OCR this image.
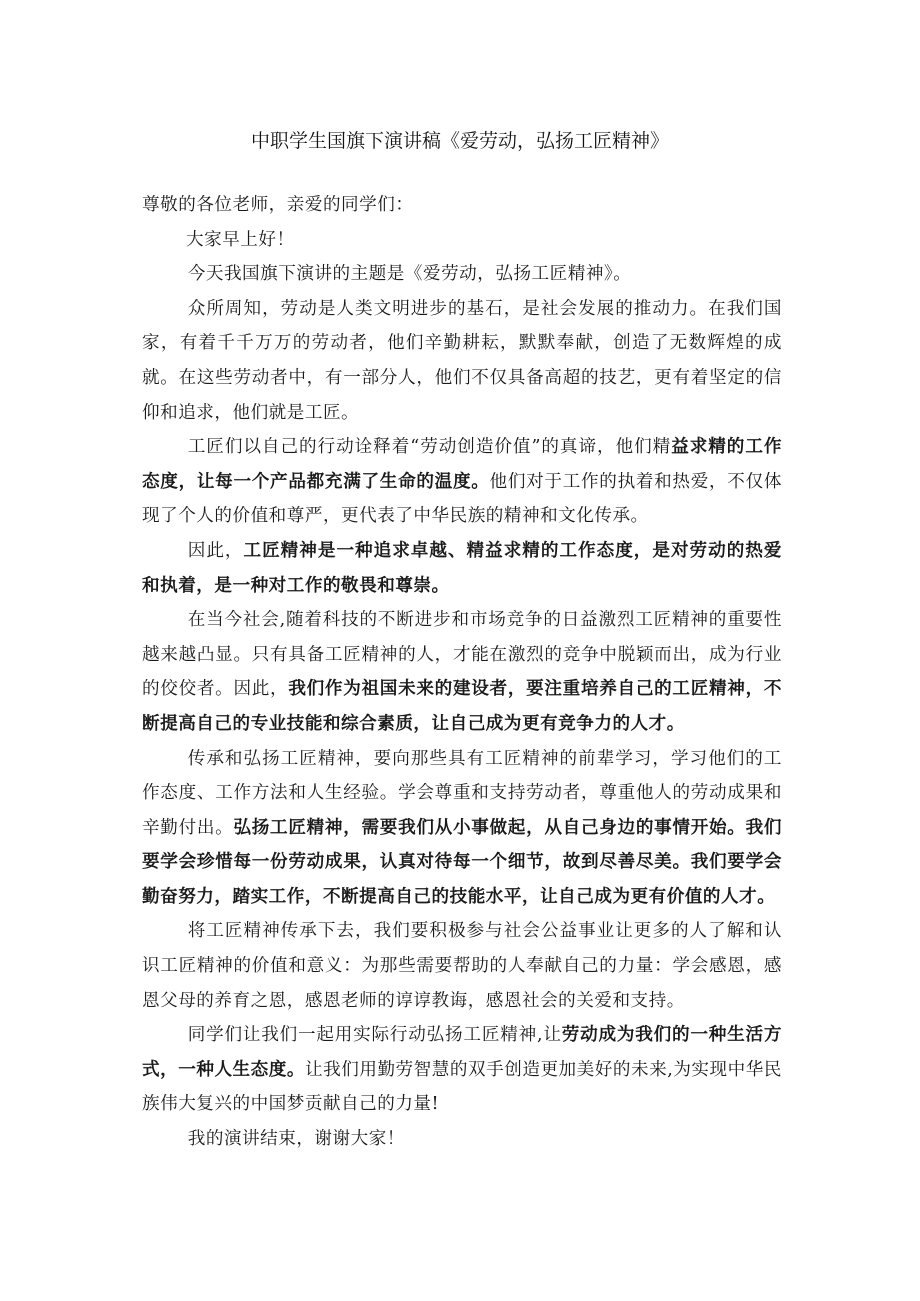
中职学生国旗下演讲稿《爱劳动，弘扬工匠精神》

尊敬的各位老师，亲爱的同学们：

大家早上好！

今天我国旗下演讲的主题是《爱劳动，弘扬工匠精神》。

众所周知，劳动是人类文明进步的基石，是社会发展的推动力。在我们国家，有着千千万万的劳动者，他们辛勤耕耘，默默奉献，创造了无数辉煌的成就。在这些劳动者中，有一部分人，他们不仅具备高超的技艺，更有着坚定的信仰和追求，他们就是工匠。

工匠们以自己的行动诠释着“劳动创造价值”的真谛，他们精益求精的工作态度，让每一个产品都充满了生命的温度。他们对于工作的执着和热爱，不仅体现了个人的价值和尊严，更代表了中华民族的精神和文化传承。

因此，工匠精神是一种追求卓越、精益求精的工作态度，是对劳动的热爱和执着，是一种对工作的敬畏和尊崇。

在当今社会,随着科技的不断进步和市场竞争的日益激烈工匠精神的重要性越来越凸显。只有具备工匠精神的人，才能在激烈的竞争中脱颖而出，成为行业的佼佼者。因此，我们作为祖国未来的建设者，要注重培养自己的工匠精神，不断提高自己的专业技能和综合素质，让自己成为更有竞争力的人才。

传承和弘扬工匠精神，要向那些具有工匠精神的前辈学习，学习他们的工作态度、工作方法和人生经验。学会尊重和支持劳动者，尊重他人的劳动成果和辛勤付出。弘扬工匠精神，需要我们从小事做起，从自己身边的事情开始。我们要学会珍惜每一份劳动成果，认真对待每一个细节，故到尽善尽美。我们要学会勤奋努力，踏实工作，不断提高自己的技能水平，让自己成为更有价值的人才。

将工匠精神传承下去，我们要积极参与社会公益事业让更多的人了解和认识工匠精神的价值和意义：为那些需要帮助的人奉献自己的力量：学会感恩，感恩父母的养育之恩，感恩老师的谆谆教诲，感恩社会的关爱和支持。

同学们让我们一起用实际行动弘扬工匠精神,让劳动成为我们的一种生活方式，一种人生态度。让我们用勤劳智慧的双手创造更加美好的未来,为实现中华民族伟大复兴的中国梦贡献自己的力量!

我的演讲结束，谢谢大家！
